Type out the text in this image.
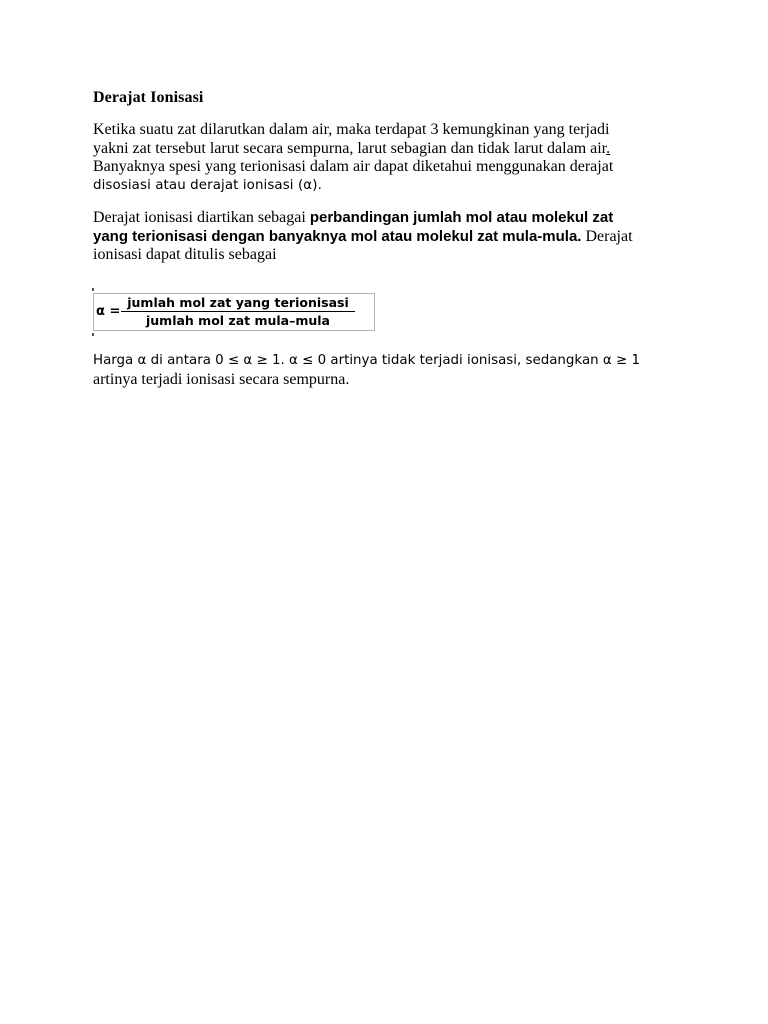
Derajat Ionisasi
Ketika suatu zat dilarutkan dalam air, maka terdapat 3 kemungkinan yang terjadi
yakni zat tersebut larut secara sempurna, larut sebagian dan tidak larut dalam air.
Banyaknya spesi yang terionisasi dalam air dapat diketahui menggunakan derajat
disosiasi atau derajat ionisasi (α).
Derajat ionisasi diartikan sebagai perbandingan jumlah mol atau molekul zat
yang terionisasi dengan banyaknya mol atau molekul zat mula-mula. Derajat
ionisasi dapat ditulis sebagai
α =
jumlah mol zat yang terionisasi
jumlah mol zat mula–mula
Harga α di antara 0 ≤ α ≥ 1. α ≤ 0 artinya tidak terjadi ionisasi, sedangkan α ≥ 1
artinya terjadi ionisasi secara sempurna.
